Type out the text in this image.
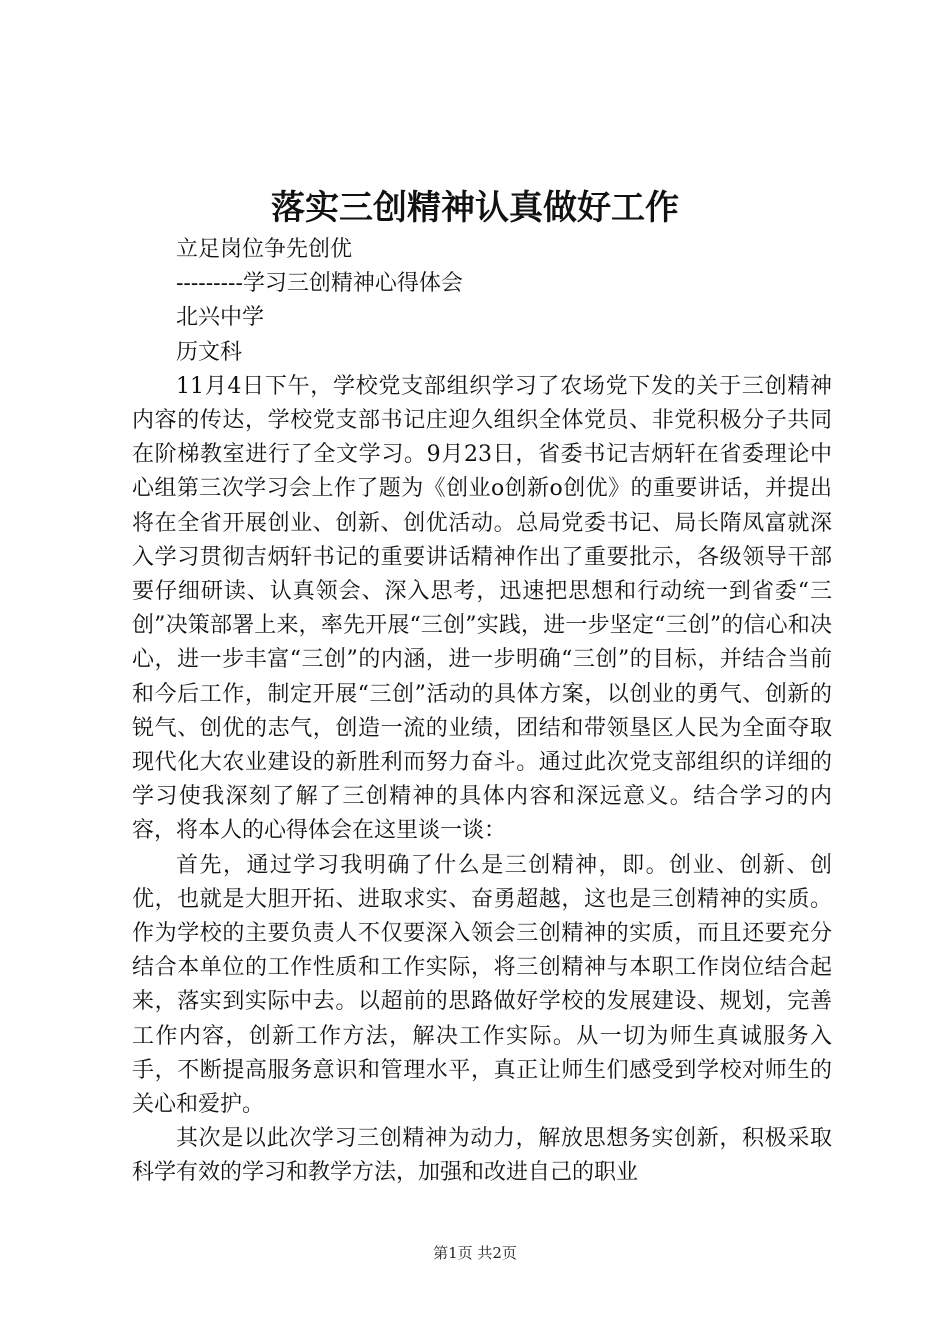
落实三创精神认真做好工作

立足岗位争先创优

---------学习三创精神心得体会

北兴中学

历文科

11月4日下午，学校党支部组织学习了农场党下发的关于三创精神内容的传达，学校党支部书记庄迎久组织全体党员、非党积极分子共同在阶梯教室进行了全文学习。9月23日，省委书记吉炳轩在省委理论中心组第三次学习会上作了题为《创业o创新o创优》的重要讲话，并提出将在全省开展创业、创新、创优活动。总局党委书记、局长隋凤富就深入学习贯彻吉炳轩书记的重要讲话精神作出了重要批示，各级领导干部要仔细研读、认真领会、深入思考，迅速把思想和行动统一到省委“三创”决策部署上来，率先开展“三创”实践，进一步坚定“三创”的信心和决心，进一步丰富“三创”的内涵，进一步明确“三创”的目标，并结合当前和今后工作，制定开展“三创”活动的具体方案，以创业的勇气、创新的锐气、创优的志气，创造一流的业绩，团结和带领垦区人民为全面夺取现代化大农业建设的新胜利而努力奋斗。通过此次党支部组织的详细的学习使我深刻了解了三创精神的具体内容和深远意义。结合学习的内容，将本人的心得体会在这里谈一谈：

首先，通过学习我明确了什么是三创精神，即。创业、创新、创优，也就是大胆开拓、进取求实、奋勇超越，这也是三创精神的实质。作为学校的主要负责人不仅要深入领会三创精神的实质，而且还要充分结合本单位的工作性质和工作实际，将三创精神与本职工作岗位结合起来，落实到实际中去。以超前的思路做好学校的发展建设、规划，完善工作内容，创新工作方法，解决工作实际。从一切为师生真诚服务入手，不断提高服务意识和管理水平，真正让师生们感受到学校对师生的关心和爱护。

其次是以此次学习三创精神为动力，解放思想务实创新，积极采取科学有效的学习和教学方法，加强和改进自己的职业

第1页 共2页
